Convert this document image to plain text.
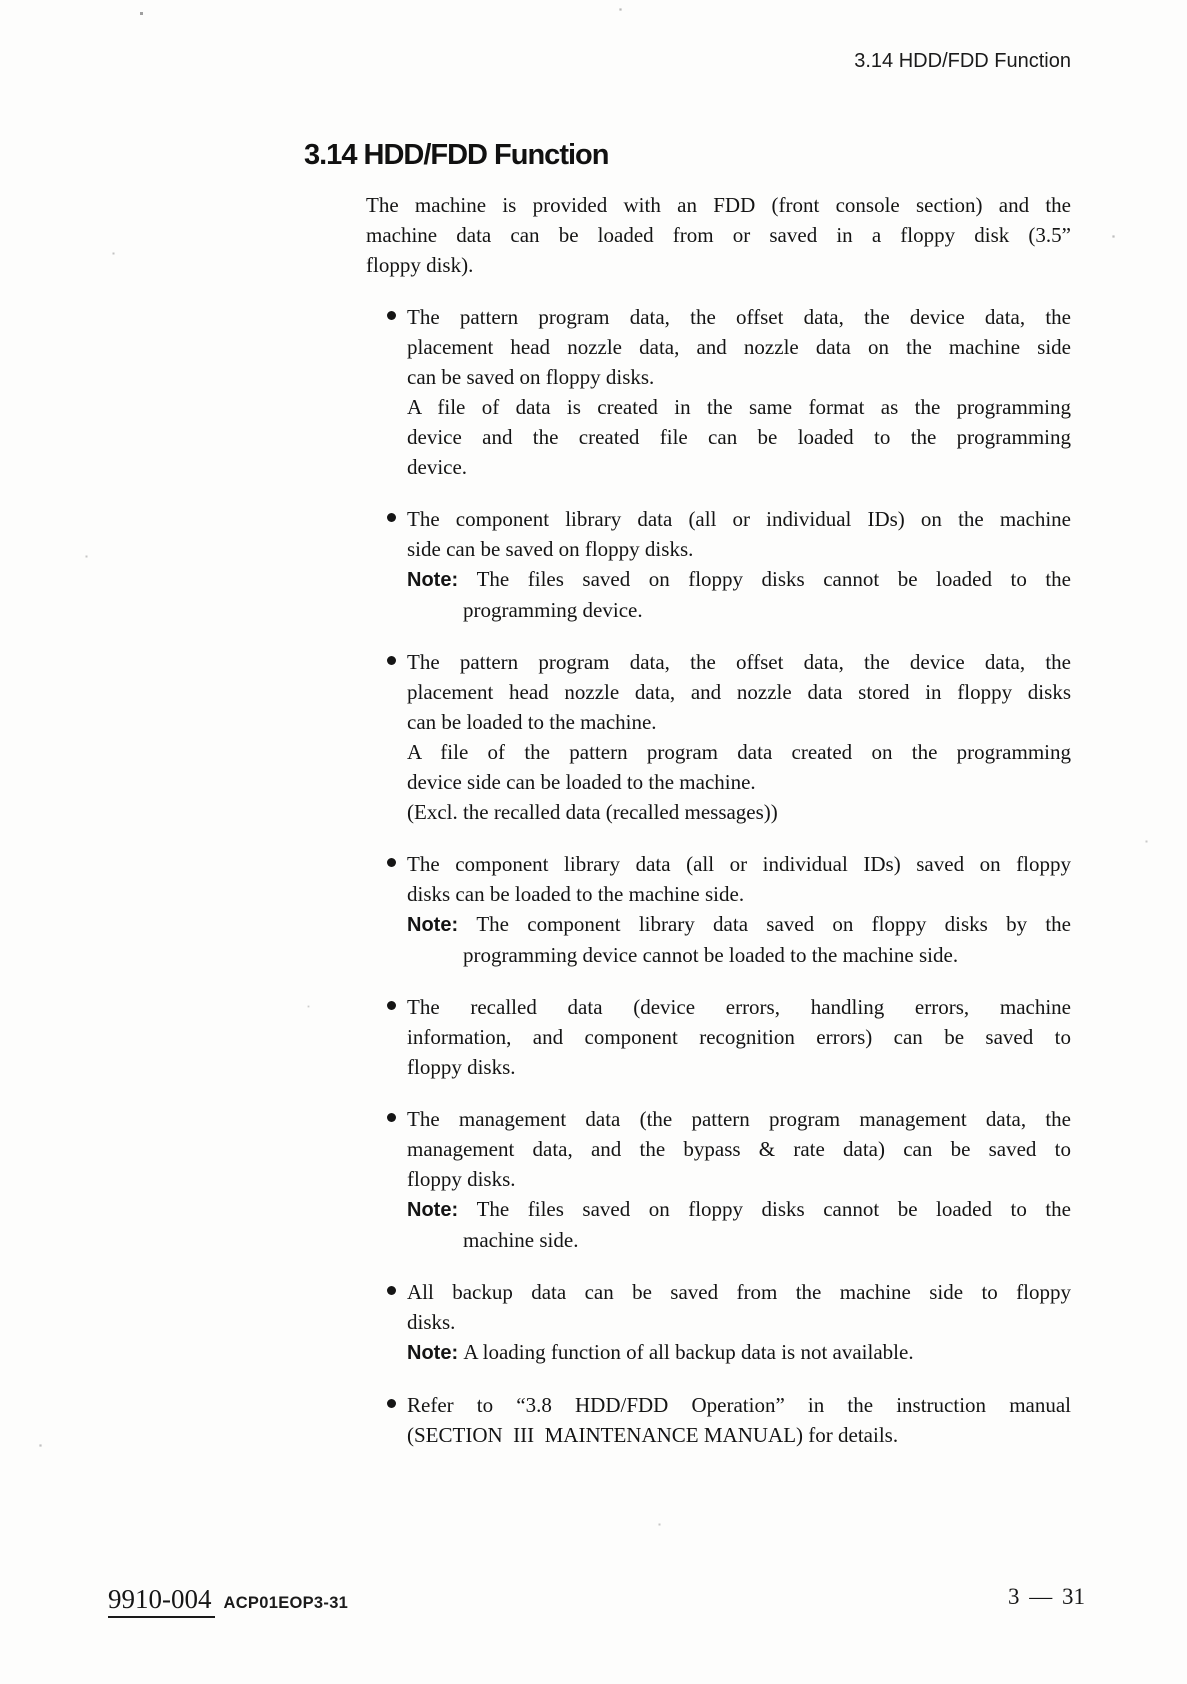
3.14 HDD/FDD Function
3.14 HDD/FDD Function
The machine is provided with an FDD (front console section) and the
machine data can be loaded from or saved in a floppy disk (3.5”
floppy disk).
The pattern program data, the offset data, the device data, the
placement head nozzle data, and nozzle data on the machine side
can be saved on floppy disks.
A file of data is created in the same format as the programming
device and the created file can be loaded to the programming
device.
The component library data (all or individual IDs) on the machine
side can be saved on floppy disks.
Note: The files saved on floppy disks cannot be loaded to the
programming device.
The pattern program data, the offset data, the device data, the
placement head nozzle data, and nozzle data stored in floppy disks
can be loaded to the machine.
A file of the pattern program data created on the programming
device side can be loaded to the machine.
(Excl. the recalled data (recalled messages))
The component library data (all or individual IDs) saved on floppy
disks can be loaded to the machine side.
Note: The component library data saved on floppy disks by the
programming device cannot be loaded to the machine side.
The recalled data (device errors, handling errors, machine
information, and component recognition errors) can be saved to
floppy disks.
The management data (the pattern program management data, the
management data, and the bypass & rate data) can be saved to
floppy disks.
Note: The files saved on floppy disks cannot be loaded to the
machine side.
All backup data can be saved from the machine side to floppy
disks.
Note: A loading function of all backup data is not available.
Refer to “3.8 HDD/FDD Operation” in the instruction manual
(SECTION III MAINTENANCE MANUAL) for details.
9910-004 ACP01EOP3-31	3 — 31
